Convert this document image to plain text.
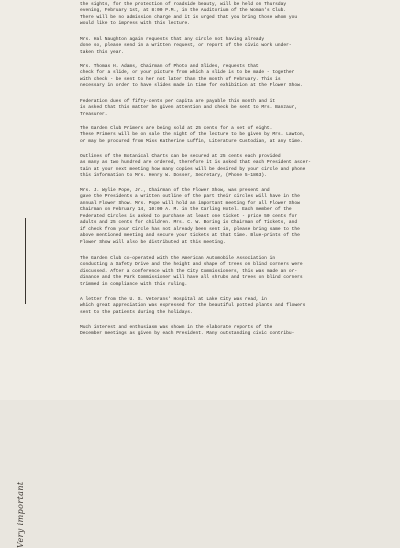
the sights, for the protection of roadside beauty, will be held on Thursday
evening, February 1st, at 8:00 P.M., in the Auditorium of the Woman's Club.
There will be no admission charge and it is urged that you bring those whom you
would like to impress with this lecture.
Mrs. Hal Naughton again requests that any circle not having already
done so, please send in a written request, or report of the civic work under-
taken this year.
Mrs. Thomas H. Adams, Chairman of Photo and Slides, requests that
check for a slide, or your picture from which a slide is to be made - together
with check - be sent to her not later than the month of February. This is
necessary in order to have slides made in time for exhibition at the Flower Show.
Federation dues of fifty-cents per capita are payable this month and it
is asked that this matter be given attention and check be sent to Mrs. Banzaur,
Treasurer.
The Garden Club Primers are being sold at 25 cents for a set of eight.
These Primers will be on sale the night of the lecture to be given by Mrs. Lawton,
or may be procured from Miss Katherine Luffin, Literature Custodian, at any time.
Outlines of the Botanical Charts can be secured at 25 cents each provided
as many as two hundred are ordered, therefore it is asked that each President ascer-
tain at your next meeting how many copies will be desired by your circle and phone
this information to Mrs. Henry W. Dosser, Secretary, (Phone 5-1863).
Mrs. J. Wylie Pope, Jr., Chairman of the Flower Show, was present and
gave the Presidents a written outline of the part their circles will have in the
annual Flower Show. Mrs. Pope will hold an important meeting for all Flower Show
Chairman on February 14, 10:00 A. M. in the Carling Hotel. Each member of the
Federated Circles is asked to purchase at least one ticket - price 50 cents for
adults and 25 cents for children. Mrs. C. W. Boring is Chairman of Tickets, and
if check from your Circle has not already been sent in, please bring same to the
above mentioned meeting and secure your tickets at that time. Blue-prints of the
Flower Show will also be distributed at this meeting.
The Garden Club co-operated with the American Automobile Association in
conducting a Safety Drive and the height and shape of trees on blind corners were
discussed. After a conference with the City Commissioners, this was made an or-
dinance and the Park Commissioner will have all shrubs and trees on blind corners
trimmed in compliance with this ruling.
A letter from the U. S. Veterans' Hospital at Lake City was read, in
which great appreciation was expressed for the beautiful potted plants and flowers
sent to the patients during the holidays.
Much interest and enthusiasm was shown in the elaborate reports of the
December meetings as given by each President. Many outstanding civic contribu-
Very important
